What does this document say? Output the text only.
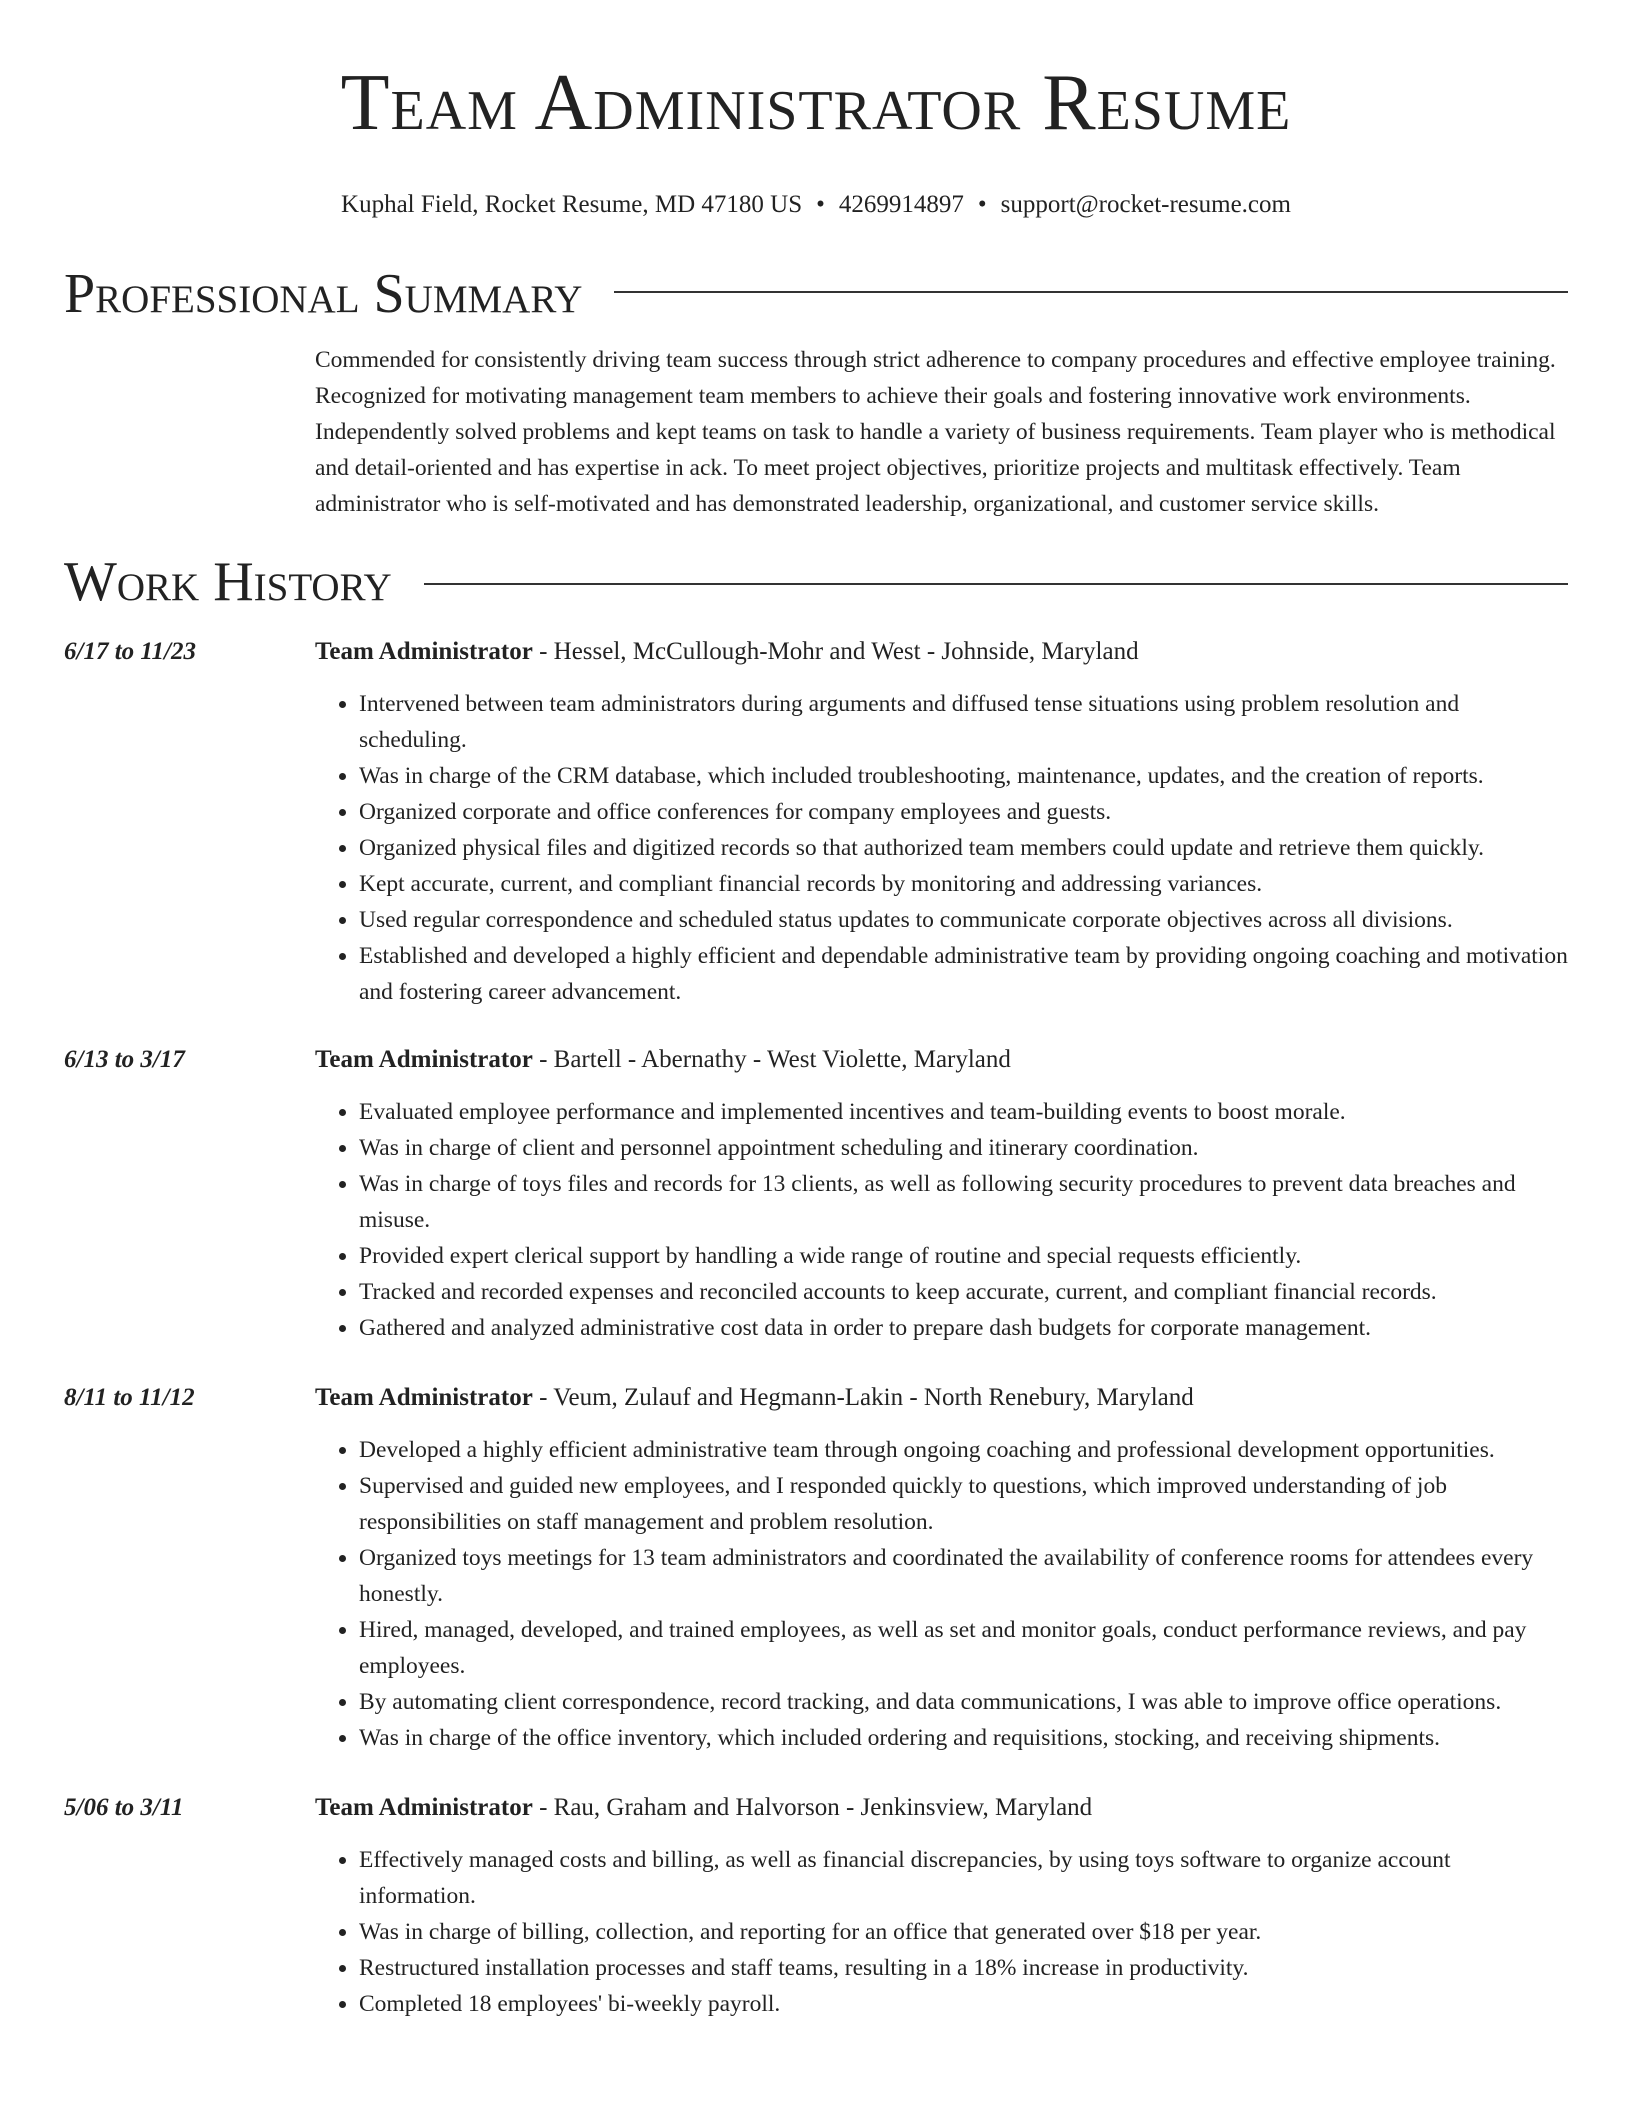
Team Administrator Resume
Kuphal Field, Rocket Resume, MD 47180 US • 4269914897 • support@rocket-resume.com
Professional Summary

Commended for consistently driving team success through strict adherence to company procedures and effective employee training. Recognized for motivating management team members to achieve their goals and fostering innovative work environments. Independently solved problems and kept teams on task to handle a variety of business requirements. Team player who is methodical and detail-oriented and has expertise in ack. To meet project objectives, prioritize projects and multitask effectively. Team administrator who is self-motivated and has demonstrated leadership, organizational, and customer service skills.

Work History
6/17 to 11/23	Team Administrator - Hessel, McCullough-Mohr and West - Johnside, Maryland
• Intervened between team administrators during arguments and diffused tense situations using problem resolution and scheduling.
• Was in charge of the CRM database, which included troubleshooting, maintenance, updates, and the creation of reports.
• Organized corporate and office conferences for company employees and guests.
• Organized physical files and digitized records so that authorized team members could update and retrieve them quickly.
• Kept accurate, current, and compliant financial records by monitoring and addressing variances.
• Used regular correspondence and scheduled status updates to communicate corporate objectives across all divisions.
• Established and developed a highly efficient and dependable administrative team by providing ongoing coaching and motivation and fostering career advancement.
6/13 to 3/17	Team Administrator - Bartell - Abernathy - West Violette, Maryland
• Evaluated employee performance and implemented incentives and team-building events to boost morale.
• Was in charge of client and personnel appointment scheduling and itinerary coordination.
• Was in charge of toys files and records for 13 clients, as well as following security procedures to prevent data breaches and misuse.
• Provided expert clerical support by handling a wide range of routine and special requests efficiently.
• Tracked and recorded expenses and reconciled accounts to keep accurate, current, and compliant financial records.
• Gathered and analyzed administrative cost data in order to prepare dash budgets for corporate management.
8/11 to 11/12	Team Administrator - Veum, Zulauf and Hegmann-Lakin - North Renebury, Maryland
• Developed a highly efficient administrative team through ongoing coaching and professional development opportunities.
• Supervised and guided new employees, and I responded quickly to questions, which improved understanding of job responsibilities on staff management and problem resolution.
• Organized toys meetings for 13 team administrators and coordinated the availability of conference rooms for attendees every honestly.
• Hired, managed, developed, and trained employees, as well as set and monitor goals, conduct performance reviews, and pay employees.
• By automating client correspondence, record tracking, and data communications, I was able to improve office operations.
• Was in charge of the office inventory, which included ordering and requisitions, stocking, and receiving shipments.
5/06 to 3/11	Team Administrator - Rau, Graham and Halvorson - Jenkinsview, Maryland
• Effectively managed costs and billing, as well as financial discrepancies, by using toys software to organize account information.
• Was in charge of billing, collection, and reporting for an office that generated over $18 per year.
• Restructured installation processes and staff teams, resulting in a 18% increase in productivity.
• Completed 18 employees' bi-weekly payroll.
